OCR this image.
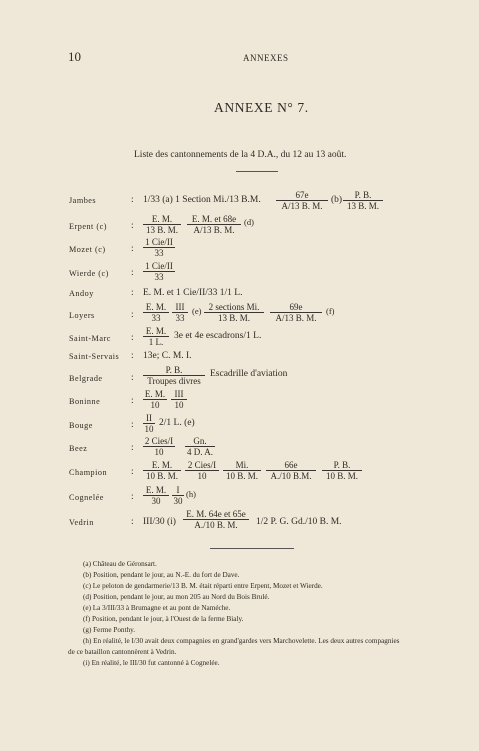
10	ANNEXES
ANNEXE N° 7.
Liste des cantonnements de la 4 D.A., du 12 au 13 août.
Jambes	: 1/33 (a) 1 Section Mi./13 B.M. $\frac{67e}{A/13 B. M.} (b) \frac{P. B.}{13 B. M.}$
Erpent (c)	: $\frac{E. M.}{13 B. M.} \frac{E. M. et 68e}{A/13 B. M.} (d)$
Mozet (c)	: $\frac{\text{1 Cie/II}}{33}$
Wierde (c) : $\frac{\text{1 Cie/II}}{33}$
Andoy	: E. M. et 1 Cie/II/33 1/1 L.
Loyers	: $\frac{E. M.}{33} \frac{\text{III}}{33} (e) \frac{\text{2 sections Mi.}}{13 B. M.} \frac{69e}{A/13 B. M.} (f)$
Saint-Marc : $\frac{E. M.}{1 L.} 3e$ et 4e escadrons/1 L.
Saint-Servais : 13e; C. M. I.
Belgrade	: $\frac{P. B.}{\text{Troupes divres}}$ Escadrille d'aviation
Boninne	: $\frac{E. M.}{10} \frac{\text{III}}{10}$
Bouge	: $\frac{II}{10} 2/1$ L. (e)
Beez	: $\frac{\text{2 Cies/I}}{10} \frac{Gn.}{4 D. A.}$
Champion	: $\frac{E. M.}{10 B. M.} \frac{\text{2 Cies/I}}{10} \frac{Mi.}{10 B. M.} \frac{66e}{A./10 B.M.} \frac{P. B.}{10 B. M.}$
Cognelée	: $\frac{E. M.}{30} \frac{I}{30} (h)$
Vedrin	: III/30 $(i) \frac{\text{E. M. 64e et 65e}}{A./10 B. M.} 1/2$ P. G. Gd./10 B. M.
(a) Château de Géronsart.
(b) Position, pendant le jour, au N.-E. du fort de Dave.
(c) Le peloton de gendarmerie/13 B. M. était réparti entre Erpent, Mozet et Wierde.
(d) Position, pendant le jour, au mon 205 au Nord du Bois Brulé.
(e) La 3/III/33 à Brumagne et au pont de Naméche.
(f) Position, pendant le jour, à l'Ouest de la ferme Bialy.
(g) Ferme Ponthy.
(h) En réalité, le I/30 avait deux compagnies en grand'gardes vers Marchovelette. Les deux autres compagnies
de ce bataillon cantonnèrent à Vedrin.
(i) En réalité, le III/30 fut cantonné à Cognelée.
